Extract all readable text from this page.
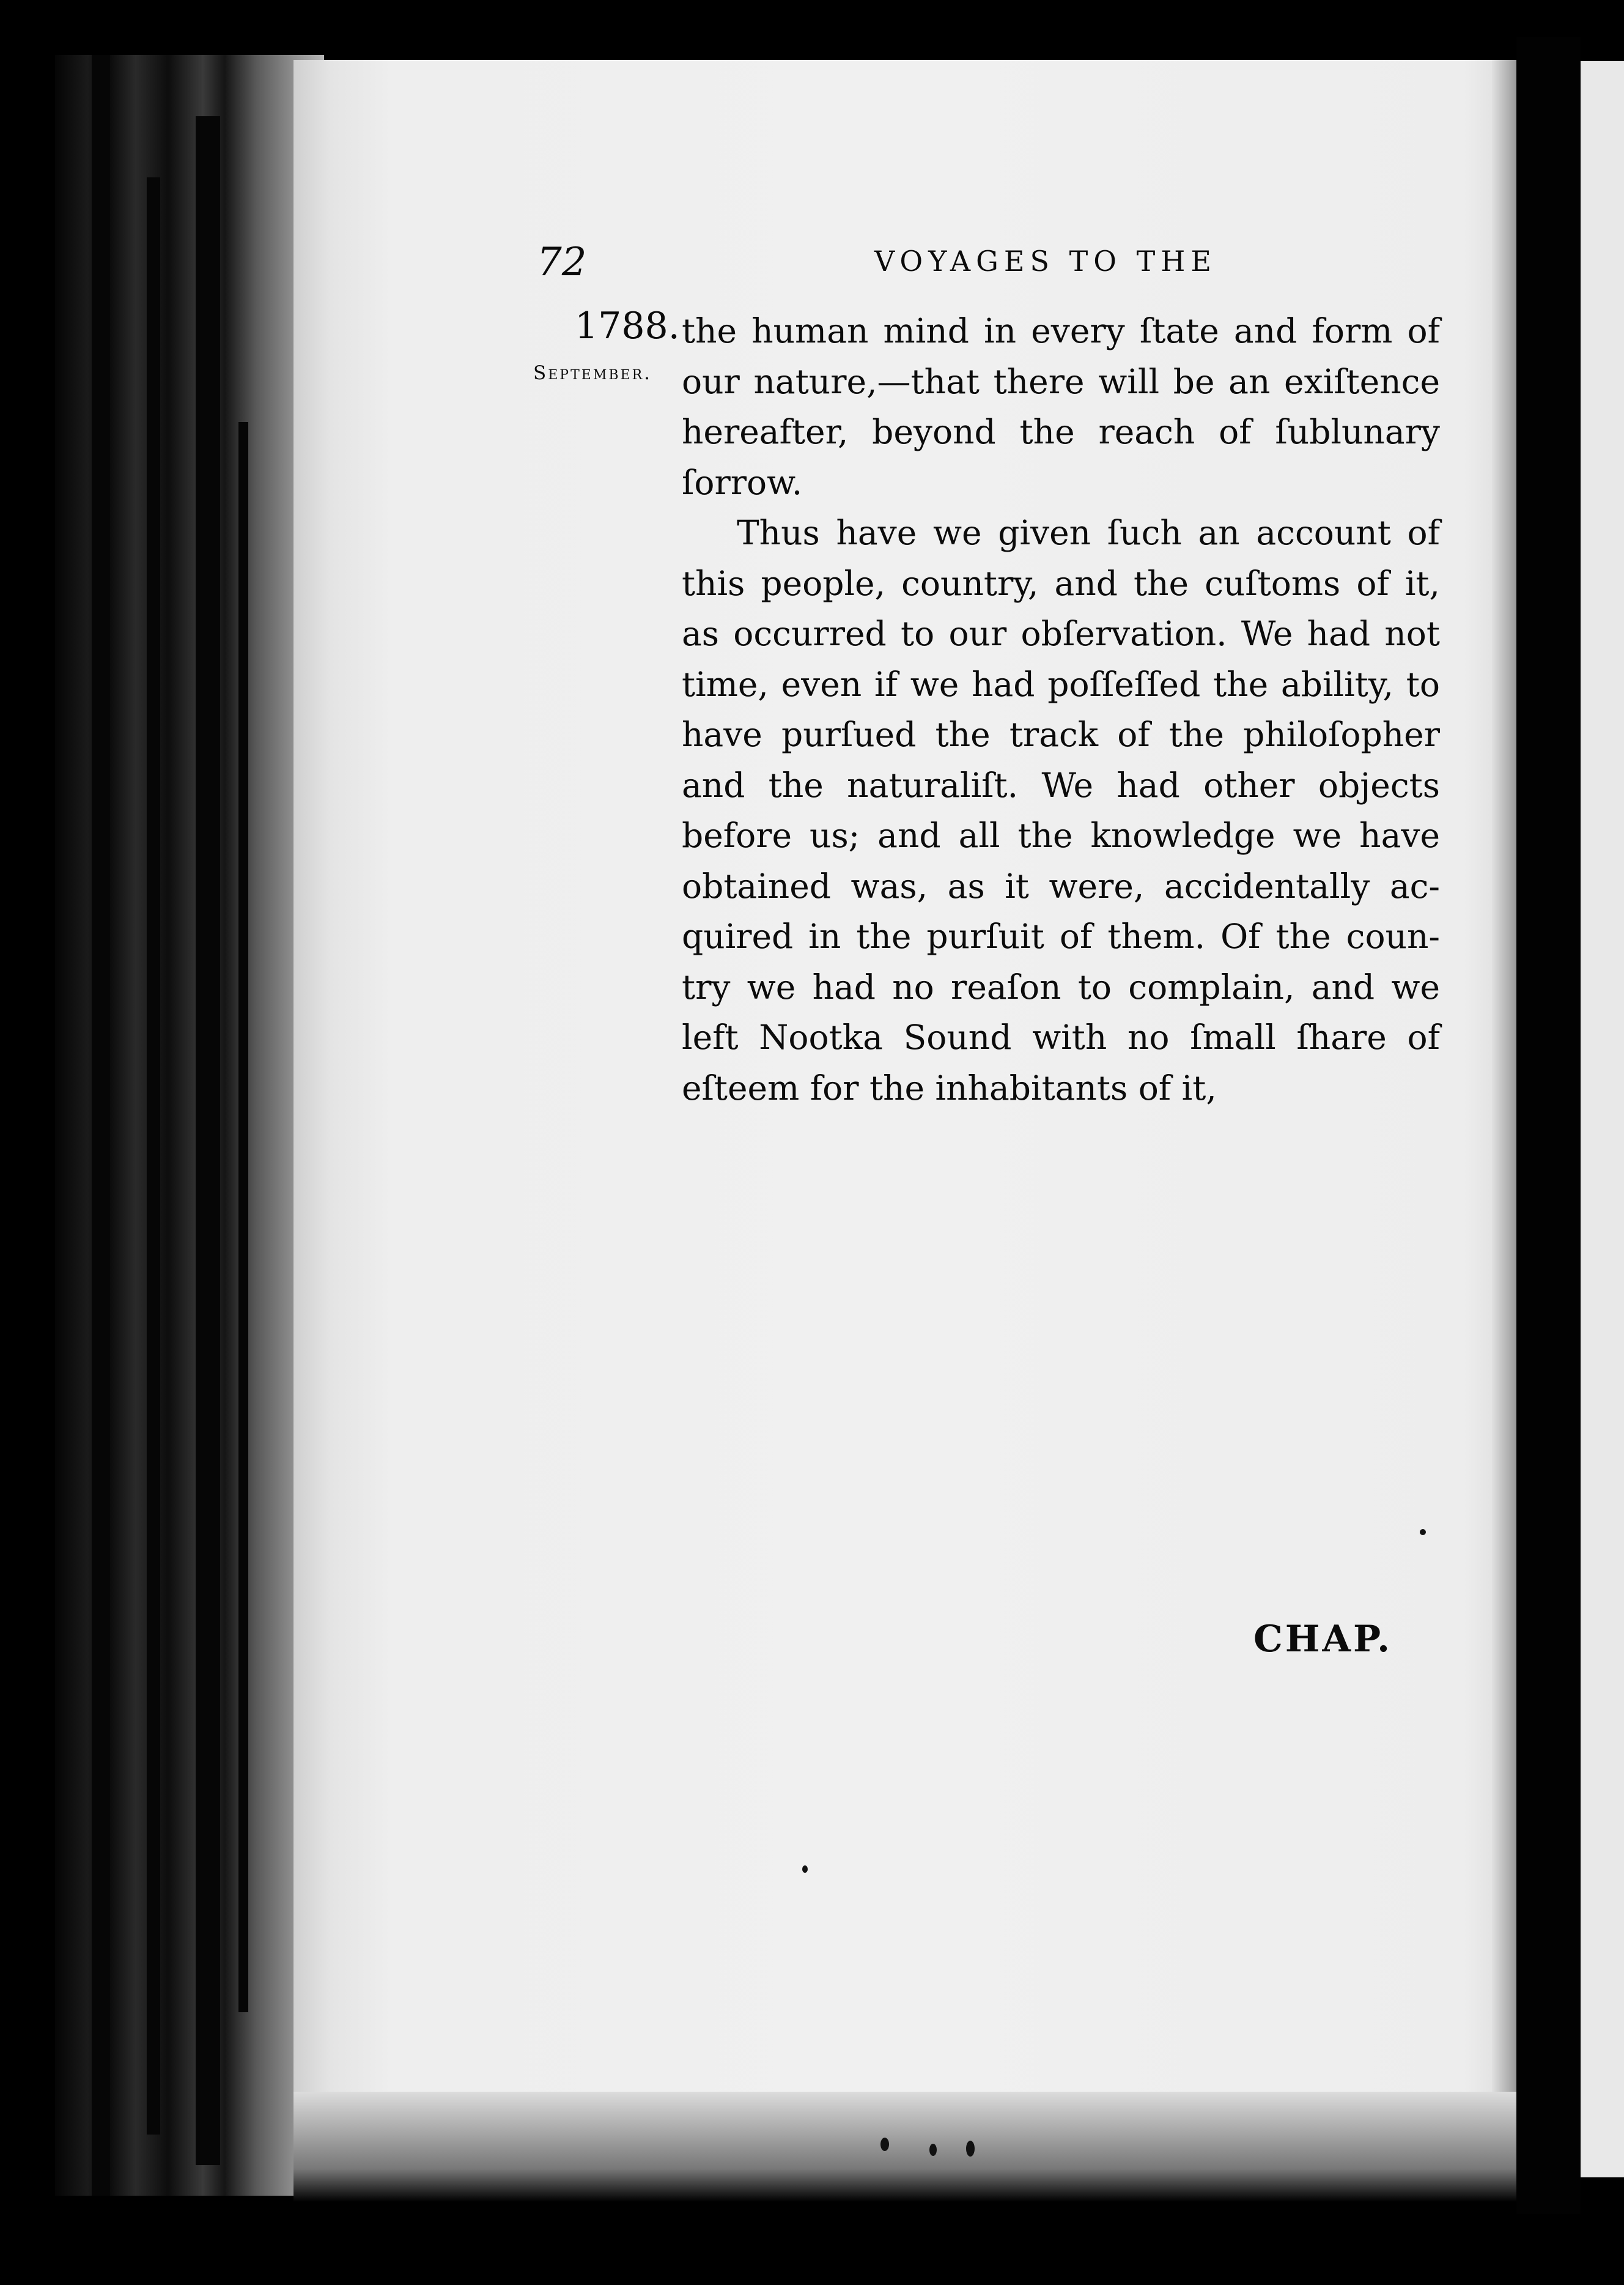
72	VOYAGES TO THE
1788.
September.
the human mind in every ſtate and form of
our nature,—that there will be an exiſtence
hereafter, beyond the reach of ſublunary
ſorrow.
Thus have we given ſuch an account of
this people, country, and the cuſtoms of it,
as occurred to our obſervation. We had not
time, even if we had poſſeſſed the ability, to
have purſued the track of the philoſopher
and the naturaliſt. We had other objects
before us; and all the knowledge we have
obtained was, as it were, accidentally ac-
quired in the purſuit of them. Of the coun-
try we had no reaſon to complain, and we
left Nootka Sound with no ſmall ſhare of
eſteem for the inhabitants of it,
CHAP.
